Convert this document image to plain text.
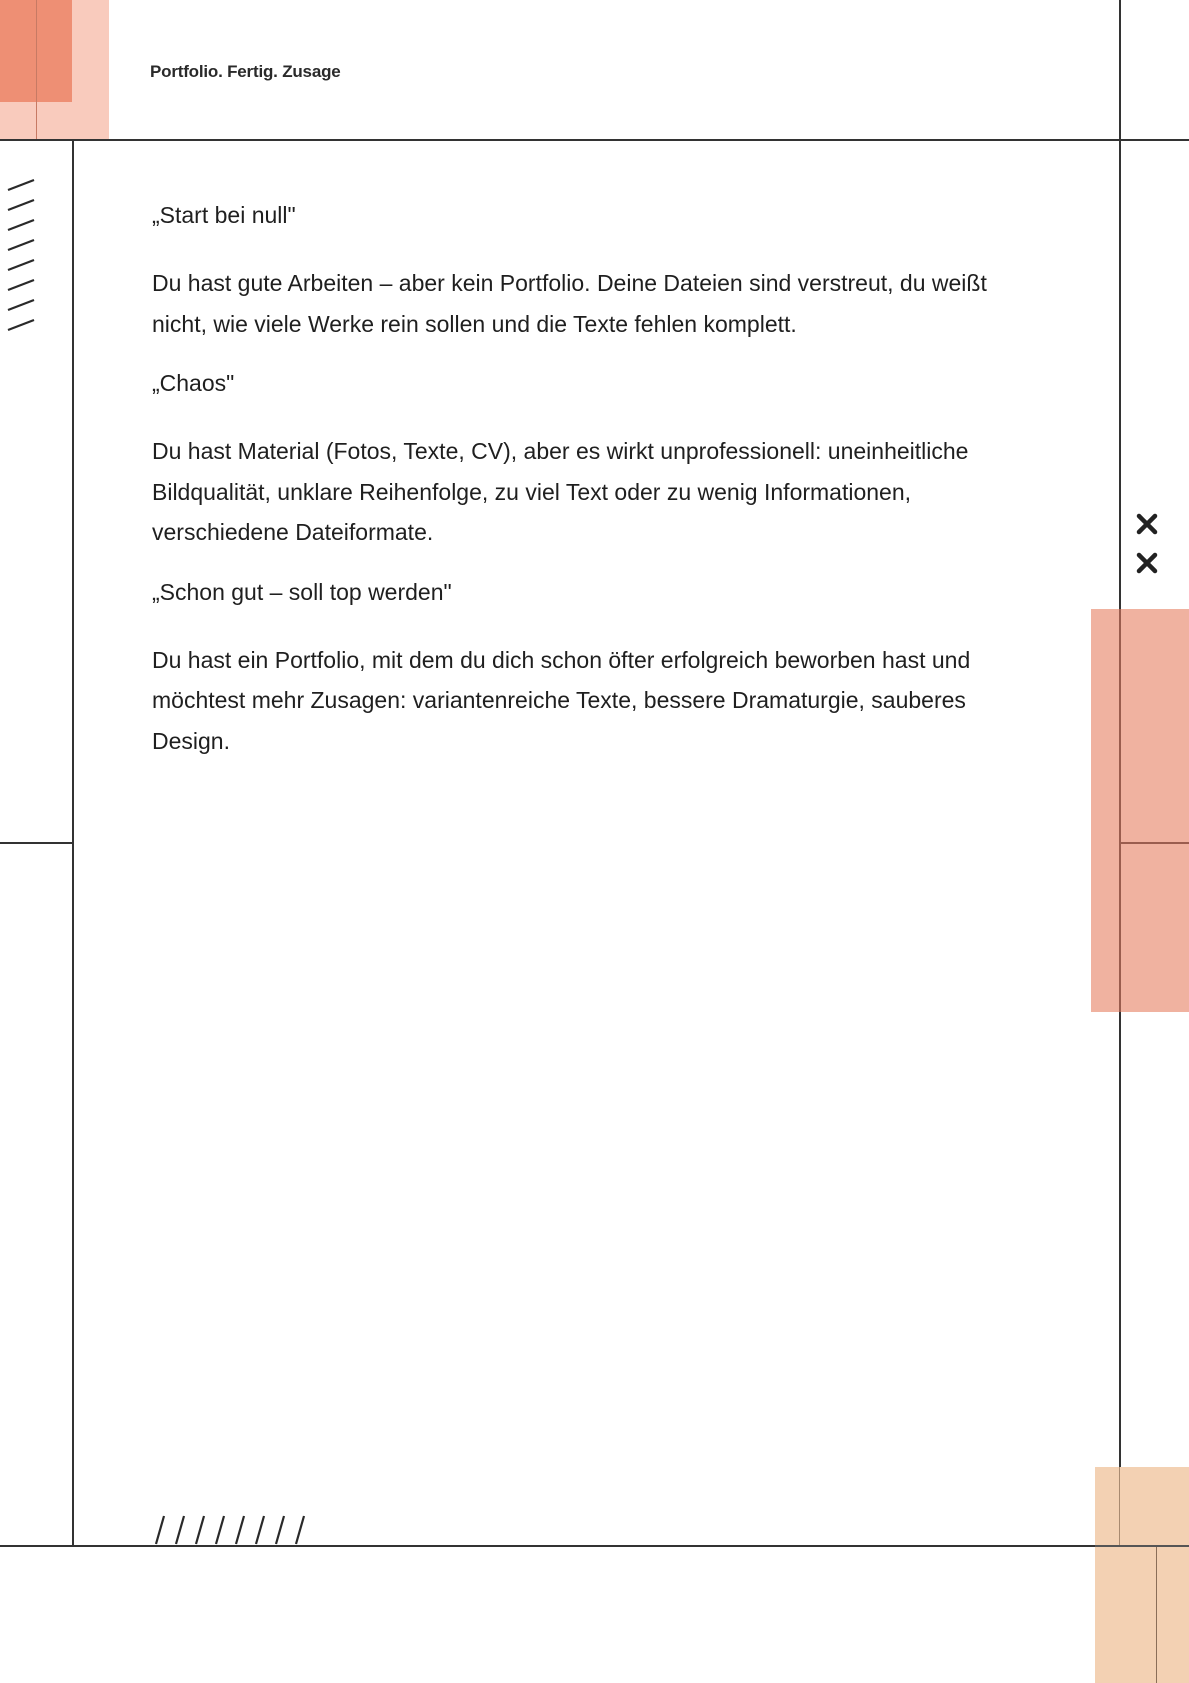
Portfolio. Fertig. Zusage

„Start bei null"

Du hast gute Arbeiten – aber kein Portfolio. Deine Dateien sind verstreut, du weißt nicht, wie viele Werke rein sollen und die Texte fehlen komplett.

„Chaos"

Du hast Material (Fotos, Texte, CV), aber es wirkt unprofessionell: uneinheitliche Bildqualität, unklare Reihenfolge, zu viel Text oder zu wenig Informationen, verschiedene Dateiformate.

„Schon gut – soll top werden"

Du hast ein Portfolio, mit dem du dich schon öfter erfolgreich beworben hast und möchtest mehr Zusagen: variantenreiche Texte, bessere Dramaturgie, sauberes Design.
